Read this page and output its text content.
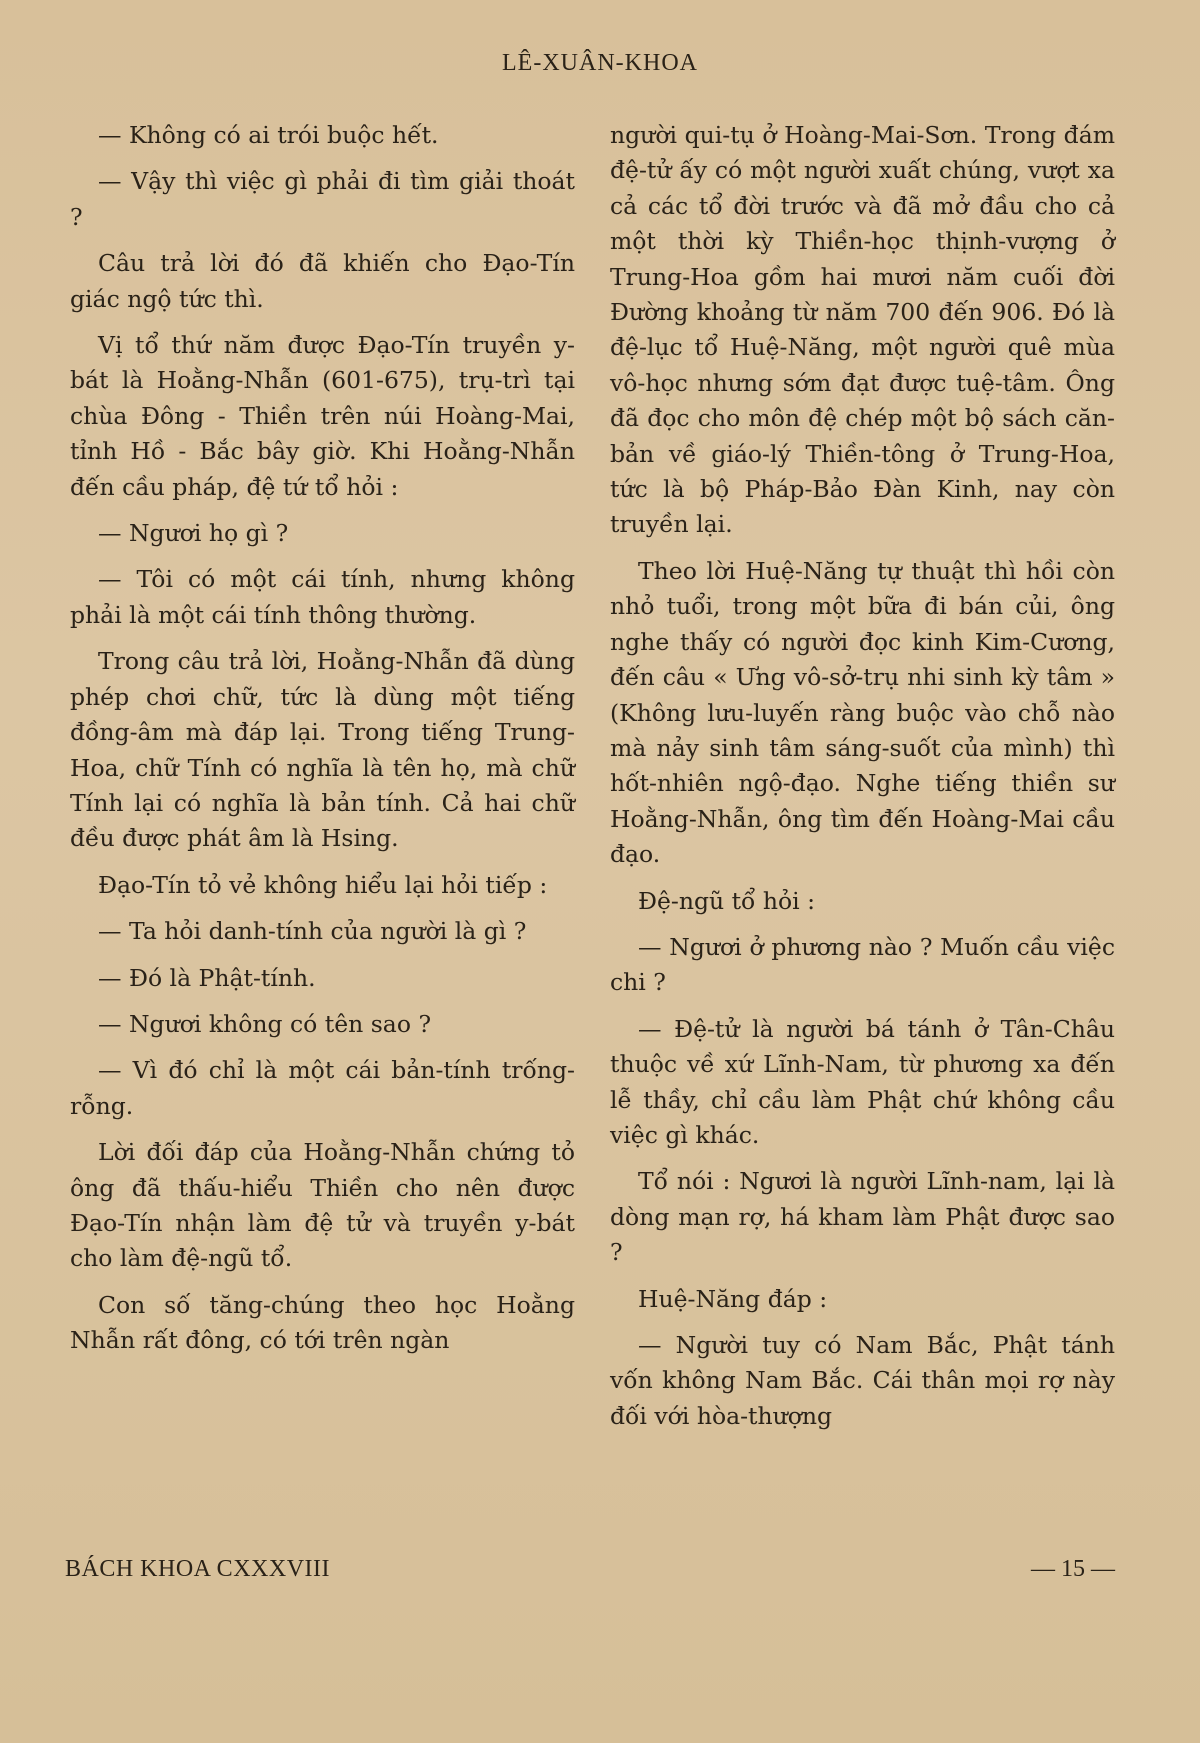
LÊ-XUÂN-KHOA

— Không có ai trói buộc hết.

— Vậy thì việc gì phải đi tìm giải thoát ?

Câu trả lời đó đã khiến cho Đạo-Tín giác ngộ tức thì.

Vị tổ thứ năm được Đạo-Tín truyền y-bát là Hoằng-Nhẫn (601-675), trụ-trì tại chùa Đông - Thiền trên núi Hoàng-Mai, tỉnh Hồ - Bắc bây giờ. Khi Hoằng-Nhẫn đến cầu pháp, đệ tứ tổ hỏi :

— Ngươi họ gì ?

— Tôi có một cái tính, nhưng không phải là một cái tính thông thường.

Trong câu trả lời, Hoằng-Nhẫn đã dùng phép chơi chữ, tức là dùng một tiếng đồng-âm mà đáp lại. Trong tiếng Trung-Hoa, chữ Tính có nghĩa là tên họ, mà chữ Tính lại có nghĩa là bản tính. Cả hai chữ đều được phát âm là Hsing.

Đạo-Tín tỏ vẻ không hiểu lại hỏi tiếp :

— Ta hỏi danh-tính của người là gì ?

— Đó là Phật-tính.

— Ngươi không có tên sao ?

— Vì đó chỉ là một cái bản-tính trống-rỗng.

Lời đối đáp của Hoằng-Nhẫn chứng tỏ ông đã thấu-hiểu Thiền cho nên được Đạo-Tín nhận làm đệ tử và truyền y-bát cho làm đệ-ngũ tổ.

Con số tăng-chúng theo học Hoằng Nhẫn rất đông, có tới trên ngàn

người qui-tụ ở Hoàng-Mai-Sơn. Trong đám đệ-tử ấy có một người xuất chúng, vượt xa cả các tổ đời trước và đã mở đầu cho cả một thời kỳ Thiền-học thịnh-vượng ở Trung-Hoa gồm hai mươi năm cuối đời Đường khoảng từ năm 700 đến 906. Đó là đệ-lục tổ Huệ-Năng, một người quê mùa vô-học nhưng sớm đạt được tuệ-tâm. Ông đã đọc cho môn đệ chép một bộ sách căn-bản về giáo-lý Thiền-tông ở Trung-Hoa, tức là bộ Pháp-Bảo Đàn Kinh, nay còn truyền lại.

Theo lời Huệ-Năng tự thuật thì hồi còn nhỏ tuổi, trong một bữa đi bán củi, ông nghe thấy có người đọc kinh Kim-Cương, đến câu « Ưng vô-sở-trụ nhi sinh kỳ tâm » (Không lưu-luyến ràng buộc vào chỗ nào mà nảy sinh tâm sáng-suốt của mình) thì hốt-nhiên ngộ-đạo. Nghe tiếng thiền sư Hoằng-Nhẫn, ông tìm đến Hoàng-Mai cầu đạo.

Đệ-ngũ tổ hỏi :

— Ngươi ở phương nào ? Muốn cầu việc chi ?

— Đệ-tử là người bá tánh ở Tân-Châu thuộc về xứ Lĩnh-Nam, từ phương xa đến lễ thầy, chỉ cầu làm Phật chứ không cầu việc gì khác.

Tổ nói : Ngươi là người Lĩnh-nam, lại là dòng mạn rợ, há kham làm Phật được sao ?

Huệ-Năng đáp :

— Người tuy có Nam Bắc, Phật tánh vốn không Nam Bắc. Cái thân mọi rợ này đối với hòa-thượng

BÁCH KHOA CXXXVIII	— 15 —
